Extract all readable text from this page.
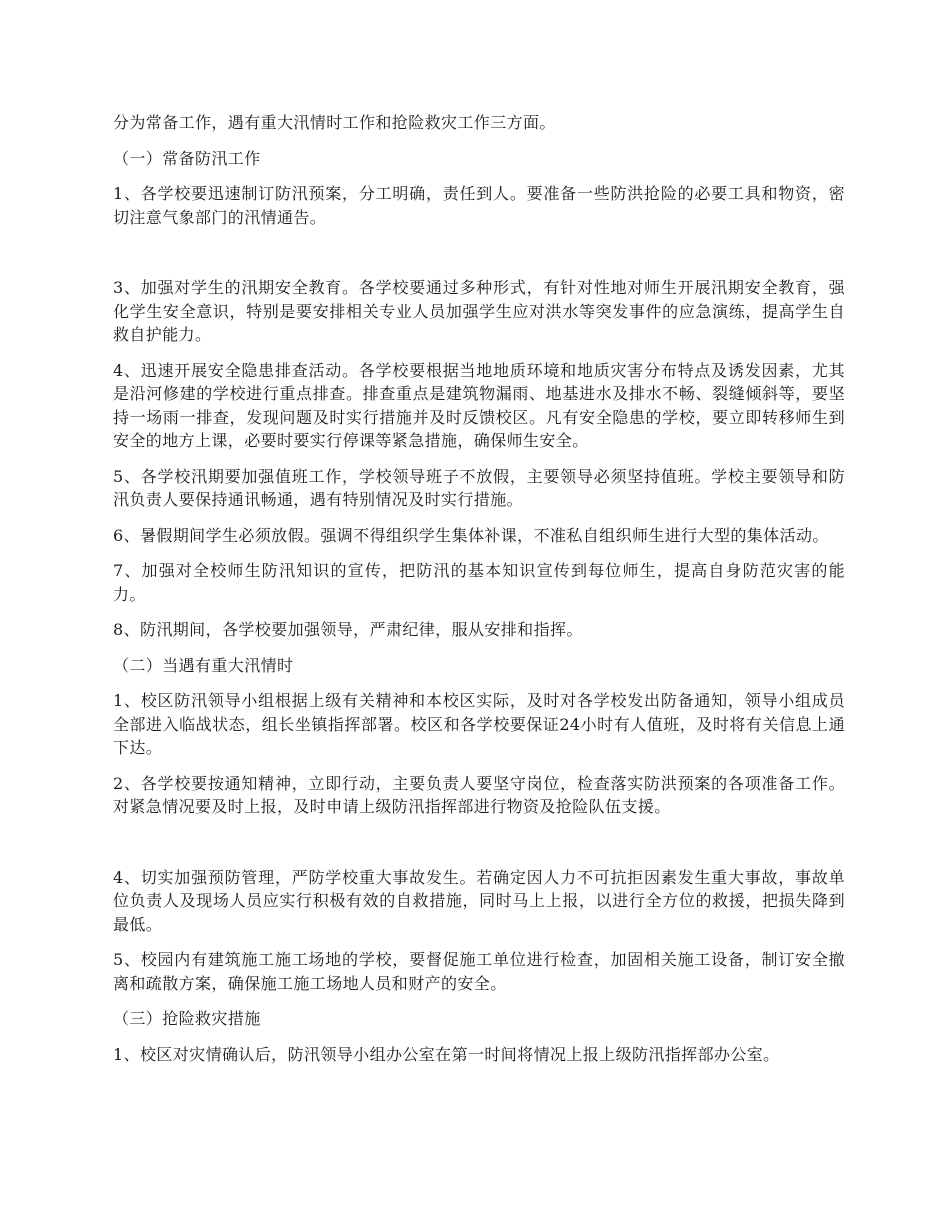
分为常备工作，遇有重大汛情时工作和抢险救灾工作三方面。

（一）常备防汛工作

1、各学校要迅速制订防汛预案，分工明确，责任到人。要准备一些防洪抢险的必要工具和物资，密切注意气象部门的汛情通告。

3、加强对学生的汛期安全教育。各学校要通过多种形式，有针对性地对师生开展汛期安全教育，强化学生安全意识，特别是要安排相关专业人员加强学生应对洪水等突发事件的应急演练，提高学生自救自护能力。

4、迅速开展安全隐患排查活动。各学校要根据当地地质环境和地质灾害分布特点及诱发因素，尤其是沿河修建的学校进行重点排查。排查重点是建筑物漏雨、地基进水及排水不畅、裂缝倾斜等，要坚持一场雨一排查，发现问题及时实行措施并及时反馈校区。凡有安全隐患的学校，要立即转移师生到安全的地方上课，必要时要实行停课等紧急措施，确保师生安全。

5、各学校汛期要加强值班工作，学校领导班子不放假，主要领导必须坚持值班。学校主要领导和防汛负责人要保持通讯畅通，遇有特别情况及时实行措施。

6、暑假期间学生必须放假。强调不得组织学生集体补课，不准私自组织师生进行大型的集体活动。

7、加强对全校师生防汛知识的宣传，把防汛的基本知识宣传到每位师生，提高自身防范灾害的能力。

8、防汛期间，各学校要加强领导，严肃纪律，服从安排和指挥。

（二）当遇有重大汛情时

1、校区防汛领导小组根据上级有关精神和本校区实际，及时对各学校发出防备通知，领导小组成员全部进入临战状态，组长坐镇指挥部署。校区和各学校要保证24小时有人值班，及时将有关信息上通下达。

2、各学校要按通知精神，立即行动，主要负责人要坚守岗位，检查落实防洪预案的各项准备工作。对紧急情况要及时上报，及时申请上级防汛指挥部进行物资及抢险队伍支援。

4、切实加强预防管理，严防学校重大事故发生。若确定因人力不可抗拒因素发生重大事故，事故单位负责人及现场人员应实行积极有效的自救措施，同时马上上报，以进行全方位的救援，把损失降到最低。

5、校园内有建筑施工施工场地的学校，要督促施工单位进行检查，加固相关施工设备，制订安全撤离和疏散方案，确保施工施工场地人员和财产的安全。

（三）抢险救灾措施

1、校区对灾情确认后，防汛领导小组办公室在第一时间将情况上报上级防汛指挥部办公室。
